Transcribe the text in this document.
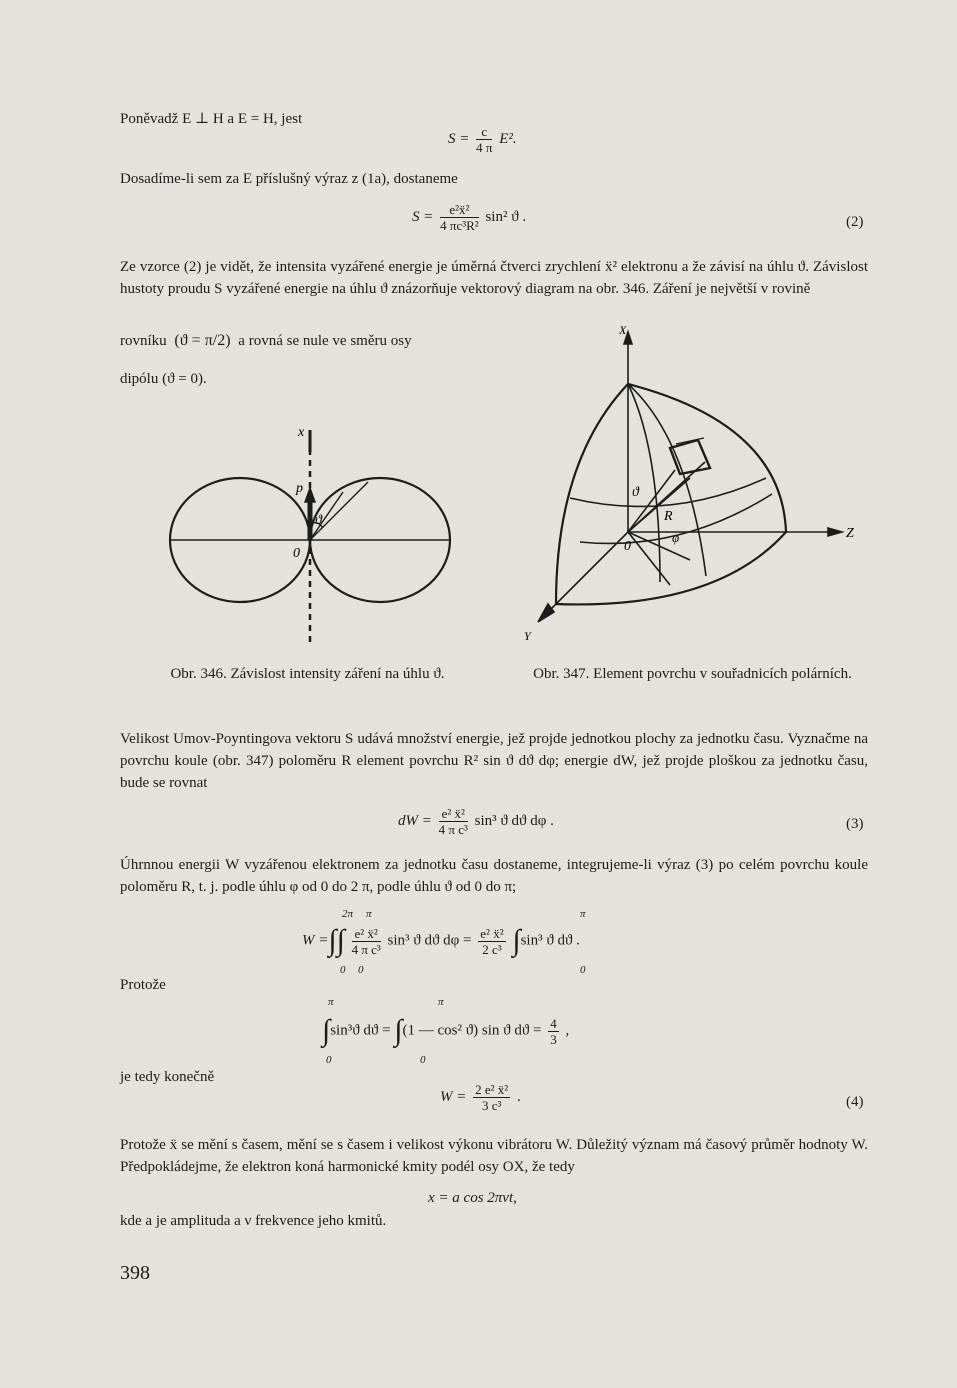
Poněvadž E ⊥ H a E = H, jest
$S = \frac{c}{4 \pi} E^2$.
Dosadíme-li sem za E příslušný výraz z (1a), dostaneme
$S = \frac{\text{e²ẍ²}}{\text{4 πc³R²}} \sin^2$ ϑ .	(2)
Ze vzorce (2) je vidět, že intensita vyzářené energie je úměrná čtverci zrychlení ẍ² elektronu a že závisí na úhlu ϑ. Závislost hustoty proudu S vyzářené energie na úhlu ϑ znázorňuje vektorový diagram na obr. 346. Záření je největší v rovině
rovníku (ϑ = π/2) a rovná se nule ve směru osy
dipólu (ϑ = 0).
x
p
ϑ
0
Obr. 346. Závislost intensity záření na úhlu ϑ.
X
Z
Y
0
R
ϑ
φ
Obr. 347. Element povrchu v souřadnicích polárních.
Velikost Umov-Poyntingova vektoru S udává množství energie, jež projde jednotkou plochy za jednotku času. Vyznačme na povrchu koule (obr. 347) poloměru R element povrchu R² sin ϑ dϑ dφ; energie dW, jež projde ploškou za jednotku času, bude se rovnat
dW = $\frac{\text{e² ẍ²}}{\text{4 π c³}} \sin^3$ ϑ dϑ dφ .	(3)
Úhrnnou energii W vyzářenou elektronem za jednotku času dostaneme, integrujeme-li výraz (3) po celém povrchu koule poloměru R, t. j. podle úhlu φ od 0 do 2 π, podle úhlu ϑ od 0 do π;
2π π
0 0
π
0
W =∫∫ $\frac{\text{e² ẍ²}}{\text{4 π c³}} \sin^3$ ϑ dϑ $d\varphi = \frac{\text{e² ẍ²}}{\text{2 c³}} \int\sin^3$ ϑ dϑ .
Protože
π
0
π
0
∫sin³ϑ dϑ = ∫(1 — cos² ϑ) sin ϑ $dϑ = \frac{4}{3}$ ,
je tedy konečně
$W = \frac{\text{2 e² ẍ²}}{\text{3 c³}}$ .	(4)
Protože ẍ se mění s časem, mění se s časem i velikost výkonu vibrátoru W. Důležitý význam má časový průměr hodnoty W. Předpokládejme, že elektron koná harmonické kmity podél osy OX, že tedy
x = a cos 2πνt,
kde a je amplituda a ν frekvence jeho kmitů.
398
